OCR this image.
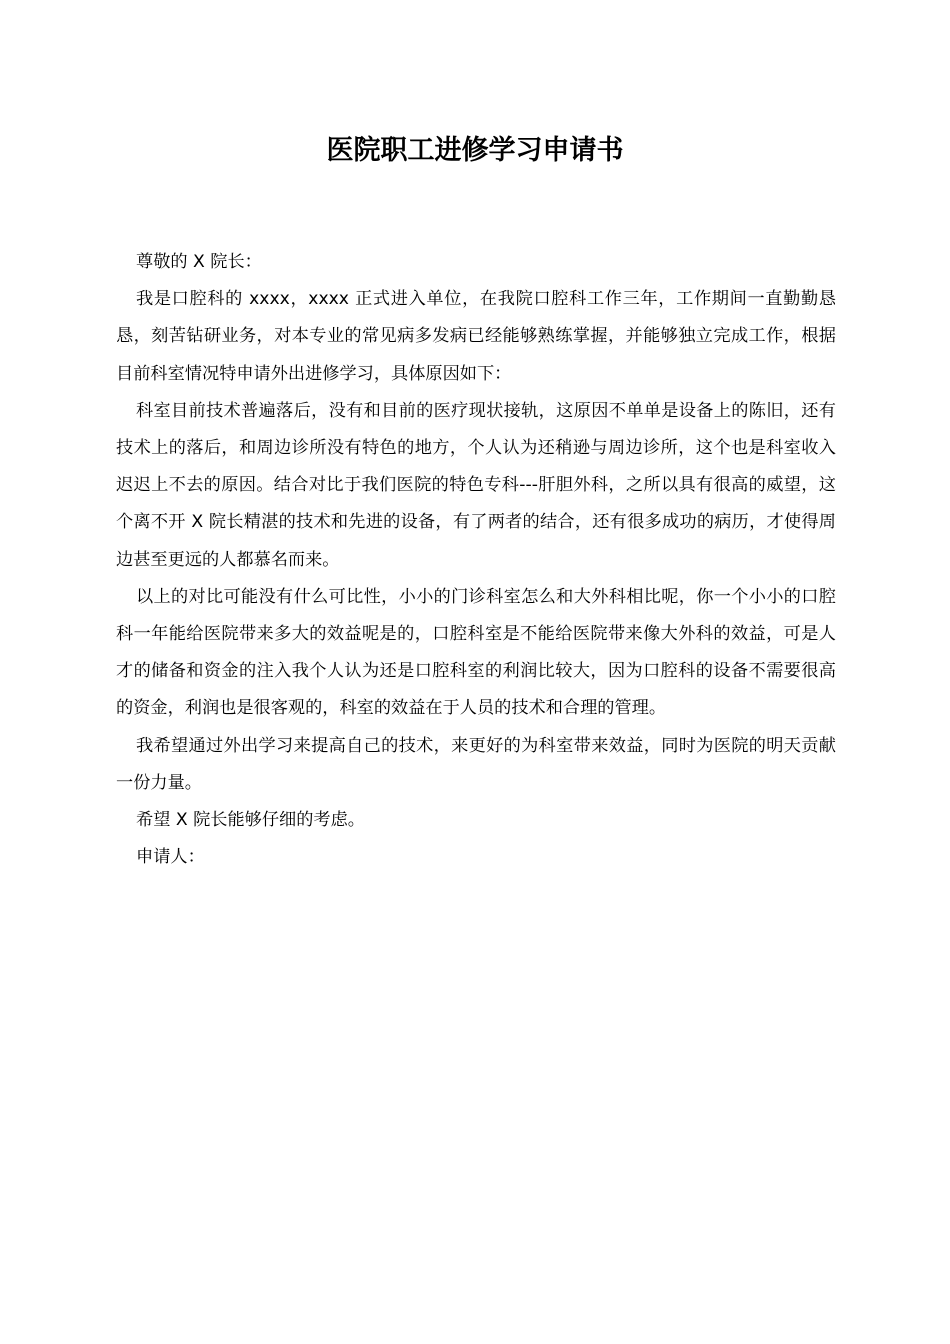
医院职工进修学习申请书

尊敬的 X 院长：

我是口腔科的 xxxx，xxxx 正式进入单位，在我院口腔科工作三年，工作期间一直勤勤恳恳，刻苦钻研业务，对本专业的常见病多发病已经能够熟练掌握，并能够独立完成工作，根据目前科室情况特申请外出进修学习，具体原因如下：

科室目前技术普遍落后，没有和目前的医疗现状接轨，这原因不单单是设备上的陈旧，还有技术上的落后，和周边诊所没有特色的地方，个人认为还稍逊与周边诊所，这个也是科室收入迟迟上不去的原因。结合对比于我们医院的特色专科---肝胆外科，之所以具有很高的威望，这个离不开 X 院长精湛的技术和先进的设备，有了两者的结合，还有很多成功的病历，才使得周边甚至更远的人都慕名而来。

以上的对比可能没有什么可比性，小小的门诊科室怎么和大外科相比呢，你一个小小的口腔科一年能给医院带来多大的效益呢是的，口腔科室是不能给医院带来像大外科的效益，可是人才的储备和资金的注入我个人认为还是口腔科室的利润比较大，因为口腔科的设备不需要很高的资金，利润也是很客观的，科室的效益在于人员的技术和合理的管理。

我希望通过外出学习来提高自己的技术，来更好的为科室带来效益，同时为医院的明天贡献一份力量。

希望 X 院长能够仔细的考虑。

申请人：
